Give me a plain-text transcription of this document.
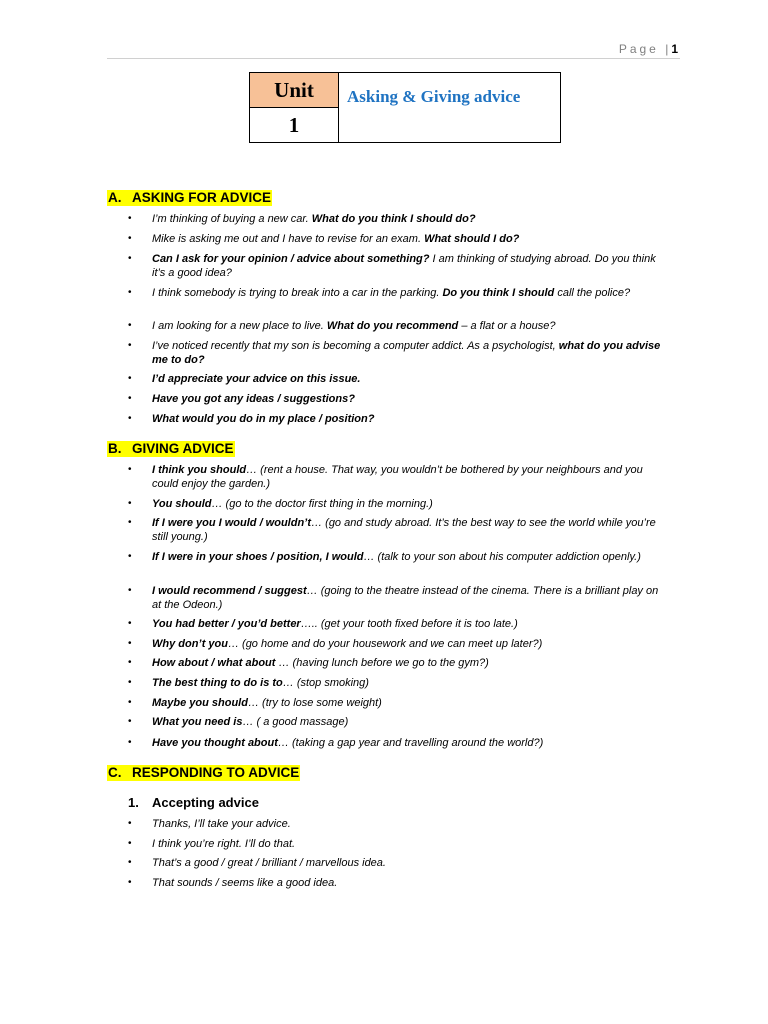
Page |1
Unit
1
Asking & Giving advice
A. ASKING FOR ADVICE
• I’m thinking of buying a new car. What do you think I should do?
• Mike is asking me out and I have to revise for an exam. What should I do?
• Can I ask for your opinion / advice about something? I am thinking of studying abroad. Do you think it’s a good idea?
• I think somebody is trying to break into a car in the parking. Do you think I should call the police?
• I am looking for a new place to live. What do you recommend – a flat or a house?
• I’ve noticed recently that my son is becoming a computer addict. As a psychologist, what do you advise me to do?
• I’d appreciate your advice on this issue.
• Have you got any ideas / suggestions?
• What would you do in my place / position?
B. GIVING ADVICE
• I think you should… (rent a house. That way, you wouldn’t be bothered by your neighbours and you could enjoy the garden.)
• You should… (go to the doctor first thing in the morning.)
• If I were you I would / wouldn’t… (go and study abroad. It’s the best way to see the world while you’re still young.)
• If I were in your shoes / position, I would… (talk to your son about his computer addiction openly.)
• I would recommend / suggest… (going to the theatre instead of the cinema. There is a brilliant play on at the Odeon.)
• You had better / you’d better….. (get your tooth fixed before it is too late.)
• Why don’t you… (go home and do your housework and we can meet up later?)
• How about / what about … (having lunch before we go to the gym?)
• The best thing to do is to… (stop smoking)
• Maybe you should… (try to lose some weight)
• What you need is… ( a good massage)
• Have you thought about… (taking a gap year and travelling around the world?)
C. RESPONDING TO ADVICE
1. Accepting advice
• Thanks, I’ll take your advice.
• I think you’re right. I’ll do that.
• That’s a good / great / brilliant / marvellous idea.
• That sounds / seems like a good idea.
